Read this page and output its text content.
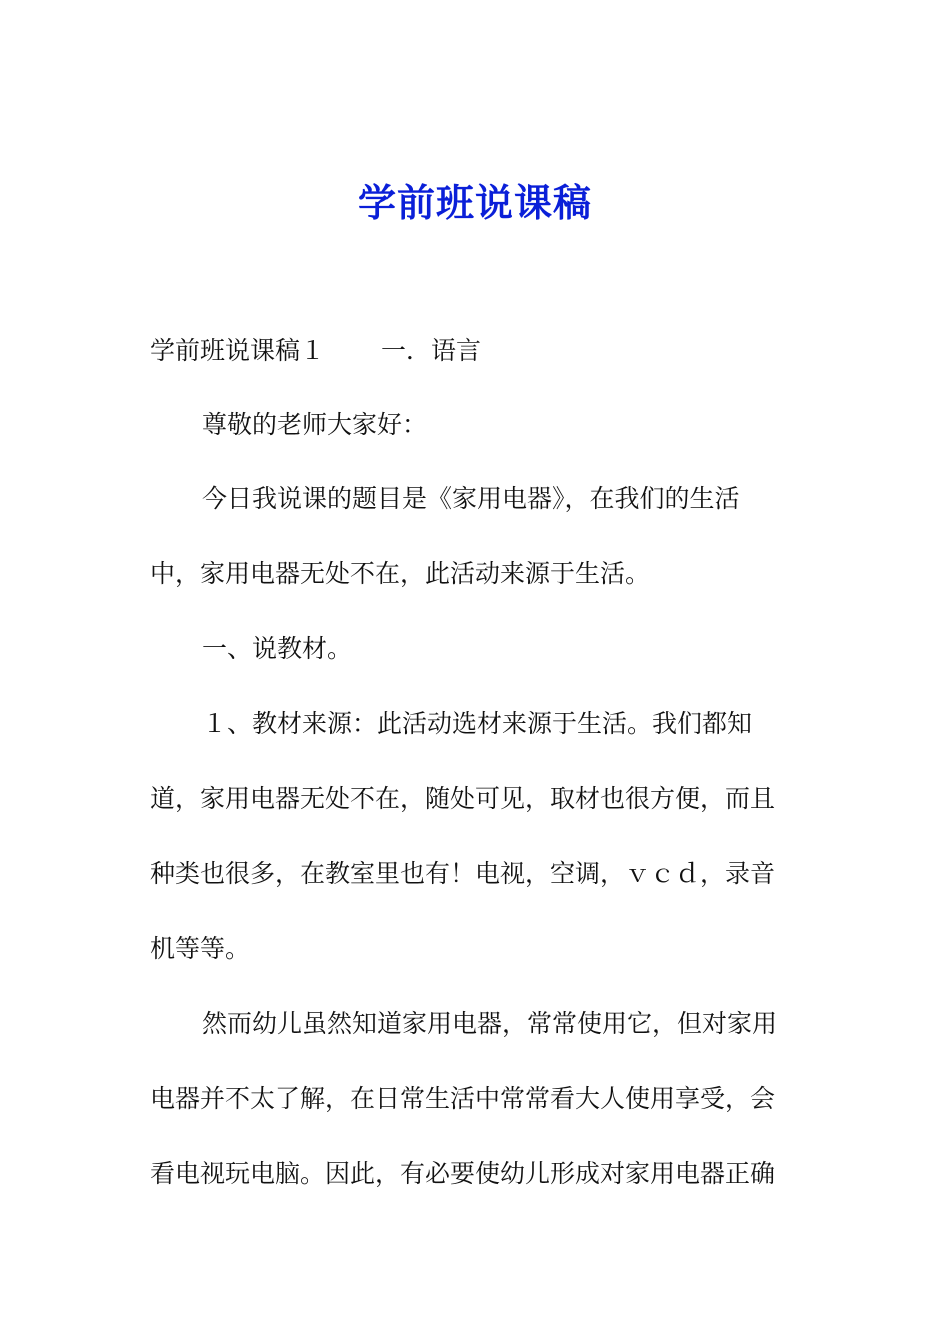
学前班说课稿
学前班说课稿１ 一．语言
尊敬的老师大家好：
今日我说课的题目是《家用电器》，在我们的生活
中，家用电器无处不在，此活动来源于生活。
一、说教材。
１、教材来源：此活动选材来源于生活。我们都知
道，家用电器无处不在，随处可见，取材也很方便，而且
种类也很多，在教室里也有！电视，空调，ｖｃｄ，录音
机等等。
然而幼儿虽然知道家用电器，常常使用它，但对家用
电器并不太了解，在日常生活中常常看大人使用享受，会
看电视玩电脑。因此，有必要使幼儿形成对家用电器正确
